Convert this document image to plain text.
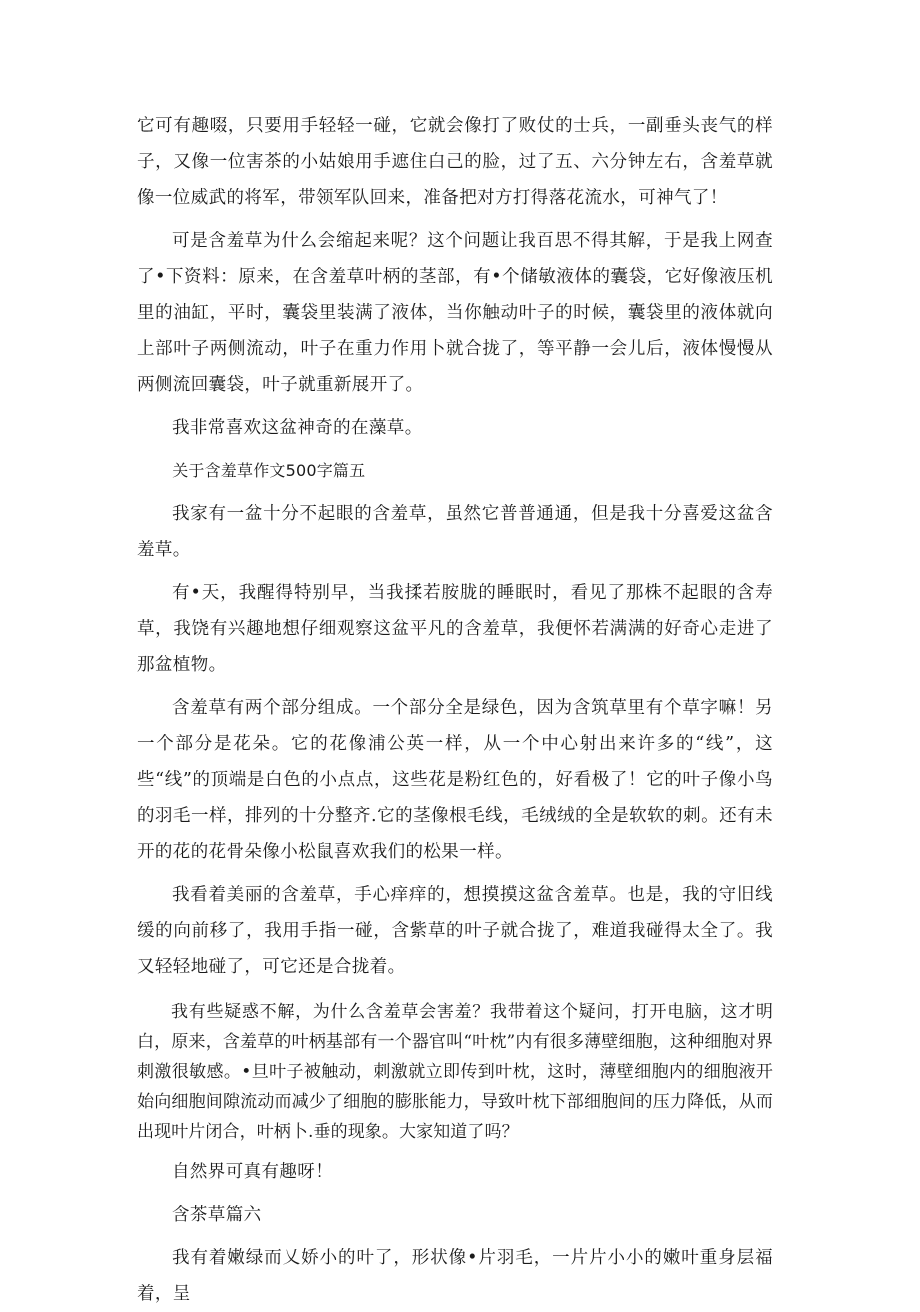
它可有趣啜，只要用手轻轻一碰，它就会像打了败仗的士兵，一副垂头丧气的样子，又像一位害茶的小姑娘用手遮住白己的脸，过了五、六分钟左右，含羞草就像一位威武的将军，带领军队回来，准备把对方打得落花流水，可神气了！

可是含羞草为什么会缩起来呢？这个问题让我百思不得其解，于是我上网查了•下资料：原来，在含羞草叶柄的茎部，有•个储敏液体的囊袋，它好像液压机里的油缸，平时，囊袋里装满了液体，当你触动叶子的时候，囊袋里的液体就向上部叶子两侧流动，叶子在重力作用卜就合拢了，等平静一会儿后，液体慢慢从两侧流回囊袋，叶子就重新展开了。

我非常喜欢这盆神奇的在藻草。

关于含羞草作文500字篇五

我家有一盆十分不起眼的含羞草，虽然它普普通通，但是我十分喜爱这盆含羞草。

有•天，我醒得特别早，当我揉若胺胧的睡眠时，看见了那株不起眼的含寿草，我饶有兴趣地想仔细观察这盆平凡的含羞草，我便怀若满满的好奇心走进了那盆植物。

含羞草有两个部分组成。一个部分全是绿色，因为含筑草里有个草字嘛！另一个部分是花朵。它的花像浦公英一样，从一个中心射出来许多的“线”，这些“线”的顶端是白色的小点点，这些花是粉红色的，好看极了！它的叶子像小鸟的羽毛一样，排列的十分整齐.它的茎像根毛线，毛绒绒的全是软软的刺。还有未开的花的花骨朵像小松鼠喜欢我们的松果一样。

我看着美丽的含羞草，手心痒痒的，想摸摸这盆含羞草。也是，我的守旧线缓的向前移了，我用手指一碰，含紫草的叶子就合拢了，难道我碰得太全了。我又轻轻地碰了，可它还是合拢着。

我有些疑惑不解，为什么含羞草会害羞？我带着这个疑问，打开电脑，这才明白，原来，含羞草的叶柄基部有一个器官叫“叶枕”内有很多薄壁细胞，这种细胞对界刺激很敏感。•旦叶子被触动，刺激就立即传到叶枕，这时，薄壁细胞内的细胞液开始向细胞间隙流动而减少了细胞的膨胀能力，导致叶枕下部细胞间的压力降低，从而出现叶片闭合，叶柄卜.垂的现象。大家知道了吗？

自然界可真有趣呀！

含茶草篇六

我有着嫩绿而乂娇小的叶了，形状像•片羽毛，一片片小小的嫩叶重身层福着，呈
